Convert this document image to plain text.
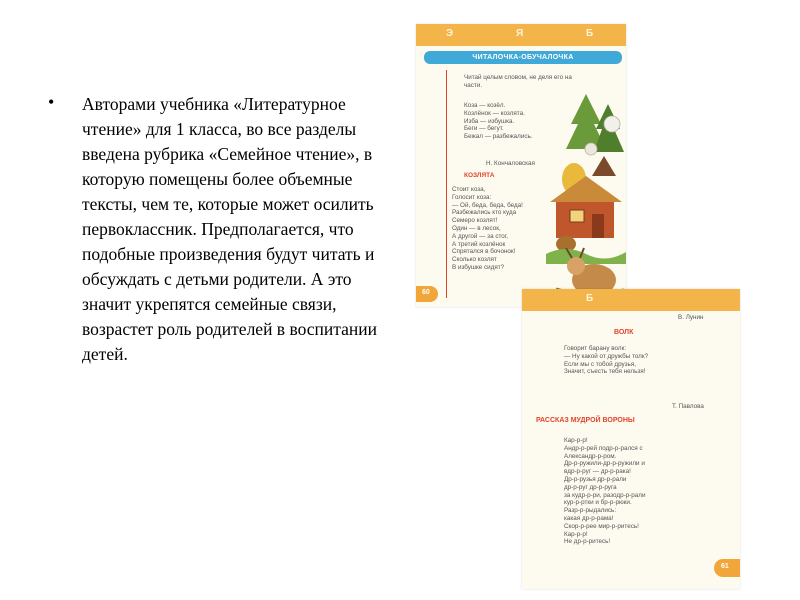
• Авторами учебника «Литературное чтение» для 1 класса, во все разделы введена рубрика «Семейное чтение», в которую помещены более объемные тексты, чем те, которые может осилить первоклассник. Предполагается, что подобные произведения будут читать и обсуждать с детьми родители. А это значит укрепятся семейные связи, возрастет роль родителей в воспитании детей.
Э	Я	Б
ЧИТАЛОЧКА-ОБУЧАЛОЧКА
Читай целым словом, не деля его на
части.
Коза — козёл.
Козлёнок — козлята.
Изба — избушка.
Беги — бегут.
Бежал — разбежались.
Н. Кончаловская
КОЗЛЯТА
Стоит коза,
Голосит коза:
— Ой, беда, беда, беда!
Разбежались кто куда
Семеро козлят!
Один — в лесок,
А другой — за стог,
А третий козлёнок
Спрятался в бочонок!
Сколько козлят
В избушке сидят?
60
Б
В. Лунин
ВОЛК
Говорит барану волк:
— Ну какой от дружбы толк?
Если мы с тобой друзья,
Значит, съесть тебя нельзя!
Т. Павлова
РАССКАЗ МУДРОЙ ВОРОНЫ
Кар-р-р!
Андр-р-рей подр-р-рался с
Александр-р-ром.
Др-р-ружили-др-р-ружили и
вдр-р-руг — др-р-рака!
Др-р-рузья др-р-рали
др-р-руг др-р-руга
за кудр-р-ри, разодр-р-рали
кур-р-ртки и бр-р-рюки.
Разр-р-рыдались:
какая др-р-рама!
Скор-р-рее мир-р-ритесь!
Кар-р-р!
Не др-р-ритесь!
61
